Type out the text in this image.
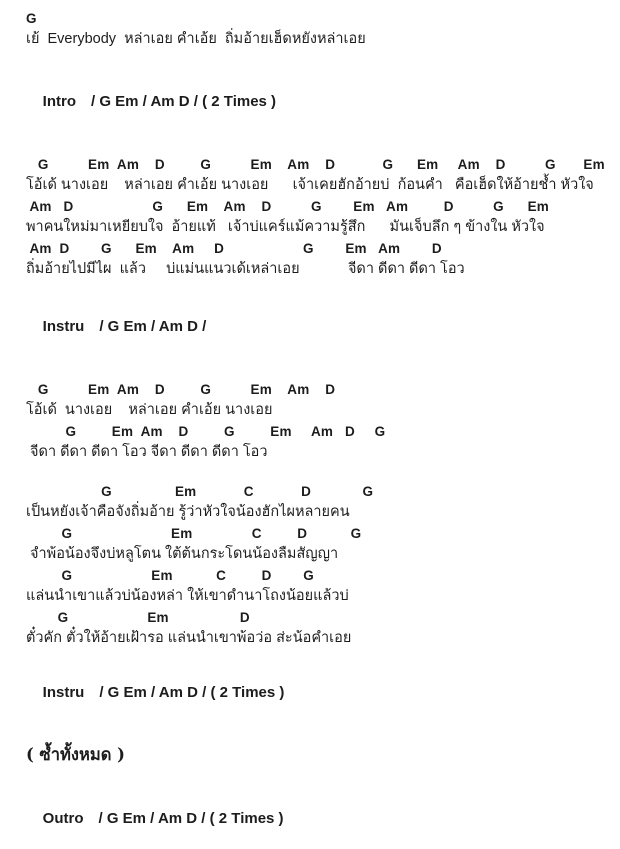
G
เย้  Everybody  หล่าเอย คำเอ้ย  ถิ่มอ้ายเฮ็ดหยังหล่าเอย

Intro / G Em / Am D / ( 2 Times )

G          Em  Am    D         G          Em    Am    D            G      Em     Am    D          G       Em
โอ้เด้ นางเอย    หล่าเอย คำเอ้ย นางเอย      เจ้าเคยฮักอ้ายบ่  ก้อนคำ   คือเฮ็ดให้อ้ายช้ำ หัวใจ
Am   D                    G      Em    Am    D          G        Em   Am         D          G      Em
พาคนใหม่มาเหยียบใจ  อ้ายแท้   เจ้าบ่แคร์แม้ความรู้สึก      มันเจ็บลึก ๆ ข้างใน หัวใจ
Am  D        G      Em    Am     D                    G        Em   Am        D
ถิ่มอ้ายไปมีไผ  แล้ว     บ่แม่นแนวเด้เหล่าเอย            จีดา ดีดา ดีดา โอว

Instru / G Em / Am D /

G          Em  Am    D         G          Em    Am    D
โอ้เด้  นางเอย    หล่าเอย คำเอ้ย นางเอย
G         Em  Am    D         G         Em     Am   D     G
จีดา ดีดา ดีดา โอว จีดา ดีดา ดีดา โอว
G                Em            C            D             G
เป็นหยังเจ้าคือจังถิ่มอ้าย รู้ว่าหัวใจน้องฮักไผหลายคน
G                         Em               C         D           G
จำพ้อน้องจึงบ่หลูโตน ใต้ต้นกระโดนน้องลืมสัญญา
G                    Em           C         D        G
แล่นนำเขาแล้วบ่น้องหล่า ให้เขาดำนาโถงน้อยแล้วบ่
G                    Em                  D
ตั๋วคัก ตั๋วให้อ้ายเฝ้ารอ แล่นนำเขาพ้อว่อ ส่ะน้อคำเอย

Instru / G Em / Am D / ( 2 Times )

( ซ้ำทั้งหมด )

Outro / G Em / Am D / ( 2 Times )
